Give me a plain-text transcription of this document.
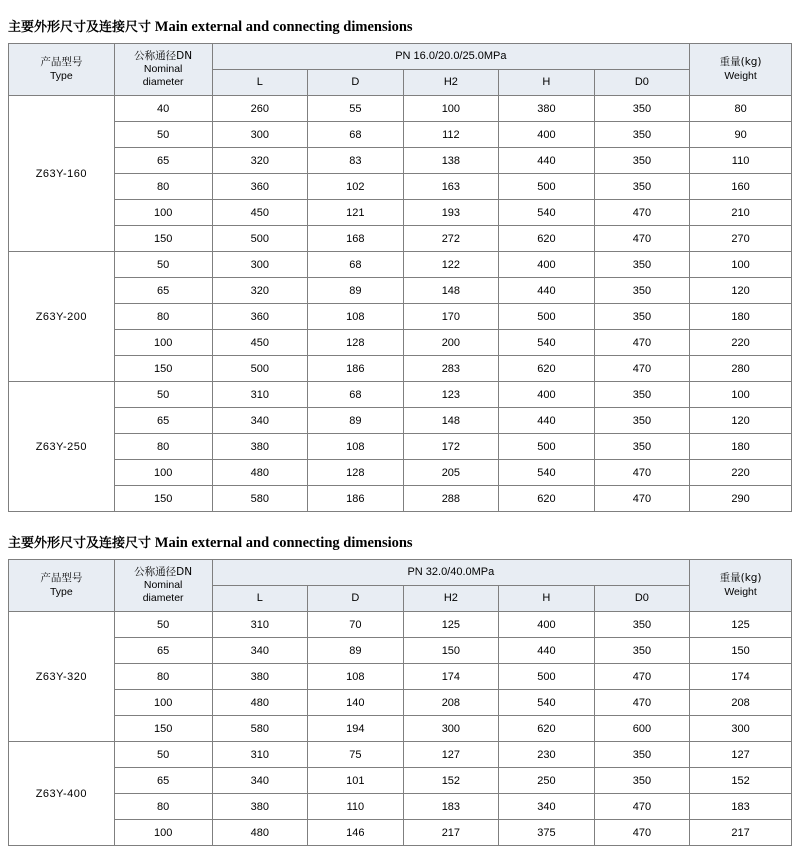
主要外形尺寸及连接尺寸 Main external and connecting dimensions
产品型号
Type	公称通径DN
Nominal
diameter	PN 16.0/20.0/25.0MPa					重量(kg)
Weight

		L	D	H2	H	D0	
Z63Y-160	40	260	55	100	380	350	80
	50	300	68	112	400	350	90
	65	320	83	138	440	350	110
	80	360	102	163	500	350	160
	100	450	121	193	540	470	210
	150	500	168	272	620	470	270
Z63Y-200	50	300	68	122	400	350	100
	65	320	89	148	440	350	120
	80	360	108	170	500	350	180
	100	450	128	200	540	470	220
	150	500	186	283	620	470	280
Z63Y-250	50	310	68	123	400	350	100
	65	340	89	148	440	350	120
	80	380	108	172	500	350	180
	100	480	128	205	540	470	220
	150	580	186	288	620	470	290
主要外形尺寸及连接尺寸 Main external and connecting dimensions
产品型号
Type	公称通径DN
Nominal
diameter	PN 32.0/40.0MPa					重量(kg)
Weight

		L	D	H2	H	D0	
Z63Y-320	50	310	70	125	400	350	125
	65	340	89	150	440	350	150
	80	380	108	174	500	470	174
	100	480	140	208	540	470	208
	150	580	194	300	620	600	300
Z63Y-400	50	310	75	127	230	350	127
	65	340	101	152	250	350	152
	80	380	110	183	340	470	183
	100	480	146	217	375	470	217
